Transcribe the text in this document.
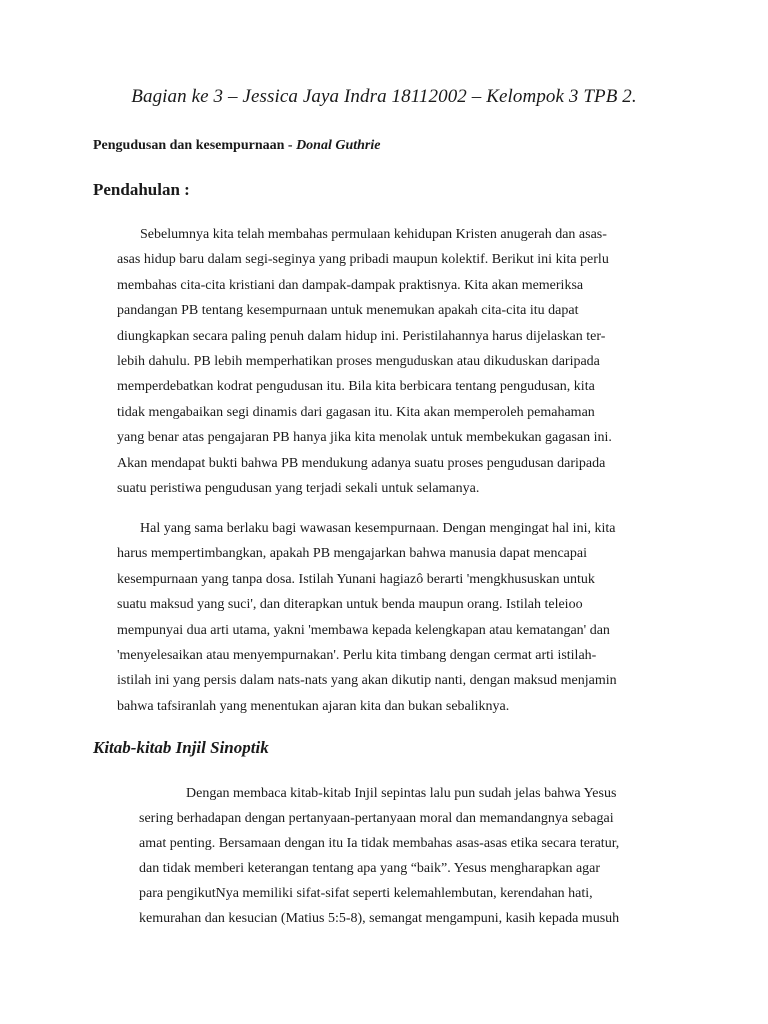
Bagian ke 3 – Jessica Jaya Indra 18112002 – Kelompok 3 TPB 2.
Pengudusan dan kesempurnaan - Donal Guthrie
Pendahulan :
Sebelumnya kita telah membahas permulaan kehidupan Kristen anugerah dan asas-
asas hidup baru dalam segi-seginya yang pribadi maupun kolektif. Berikut ini kita perlu
membahas cita-cita kristiani dan dampak-dampak praktisnya. Kita akan memeriksa
pandangan PB tentang kesempurnaan untuk menemukan apakah cita-cita itu dapat
diungkapkan secara paling penuh dalam hidup ini. Peristilahannya harus dijelaskan ter-
lebih dahulu. PB lebih memperhatikan proses menguduskan atau dikuduskan daripada
memperdebatkan kodrat pengudusan itu. Bila kita berbicara tentang pengudusan, kita
tidak mengabaikan segi dinamis dari gagasan itu. Kita akan memperoleh pemahaman
yang benar atas pengajaran PB hanya jika kita menolak untuk membekukan gagasan ini.
Akan mendapat bukti bahwa PB mendukung adanya suatu proses pengudusan daripada
suatu peristiwa pengudusan yang terjadi sekali untuk selamanya.
Hal yang sama berlaku bagi wawasan kesempurnaan. Dengan mengingat hal ini, kita
harus mempertimbangkan, apakah PB mengajarkan bahwa manusia dapat mencapai
kesempurnaan yang tanpa dosa. Istilah Yunani hagiazô berarti 'mengkhususkan untuk
suatu maksud yang suci', dan diterapkan untuk benda maupun orang. Istilah teleioo
mempunyai dua arti utama, yakni 'membawa kepada kelengkapan atau kematangan' dan
'menyelesaikan atau menyempurnakan'. Perlu kita timbang dengan cermat arti istilah-
istilah ini yang persis dalam nats-nats yang akan dikutip nanti, dengan maksud menjamin
bahwa tafsiranlah yang menentukan ajaran kita dan bukan sebaliknya.
Kitab-kitab Injil Sinoptik
Dengan membaca kitab-kitab Injil sepintas lalu pun sudah jelas bahwa Yesus
sering berhadapan dengan pertanyaan-pertanyaan moral dan memandangnya sebagai
amat penting. Bersamaan dengan itu Ia tidak membahas asas-asas etika secara teratur,
dan tidak memberi keterangan tentang apa yang “baik”. Yesus mengharapkan agar
para pengikutNya memiliki sifat-sifat seperti kelemahlembutan, kerendahan hati,
kemurahan dan kesucian (Matius 5:5-8), semangat mengampuni, kasih kepada musuh
